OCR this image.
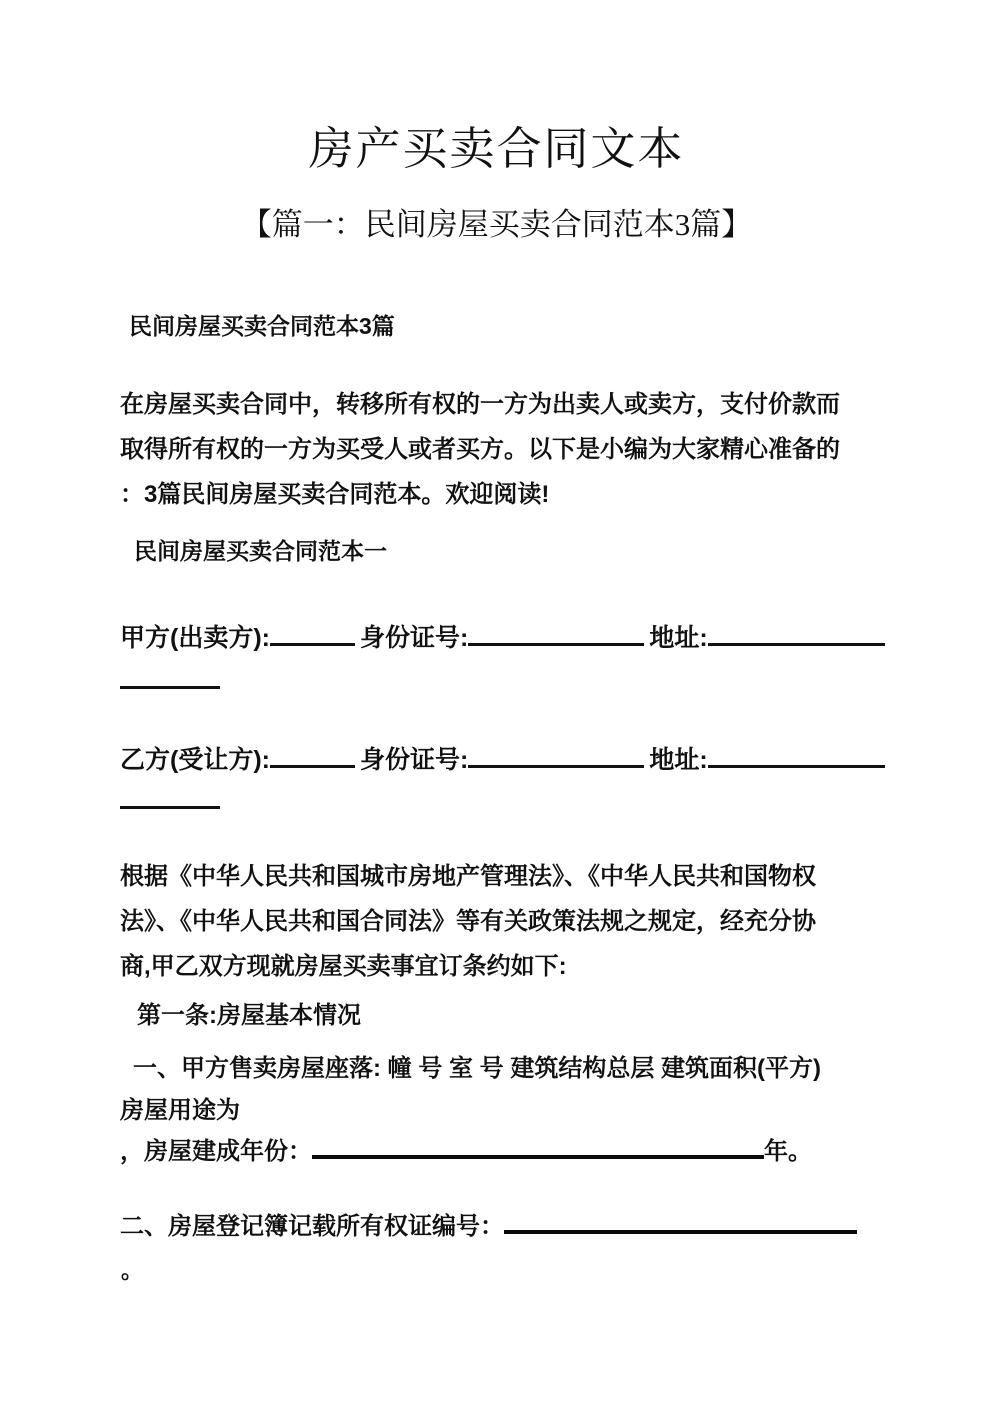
房产买卖合同文本
【篇一：民间房屋买卖合同范本3篇】
民间房屋买卖合同范本3篇
在房屋买卖合同中，转移所有权的一方为出卖人或卖方，支付价款而
取得所有权的一方为买受人或者买方。以下是小编为大家精心准备的
：3篇民间房屋买卖合同范本。欢迎阅读!
民间房屋买卖合同范本一
甲方(出卖方):	身份证号:	地址:
乙方(受让方):	身份证号:	地址:
根据《中华人民共和国城市房地产管理法》、《中华人民共和国物权
法》、《中华人民共和国合同法》等有关政策法规之规定，经充分协
商,甲乙双方现就房屋买卖事宜订条约如下:
第一条:房屋基本情况
一、甲方售卖房屋座落: 幢 号 室 号 建筑结构总层 建筑面积(平方)
房屋用途为
，房屋建成年份：	年。
二、房屋登记簿记载所有权证编号：
。
